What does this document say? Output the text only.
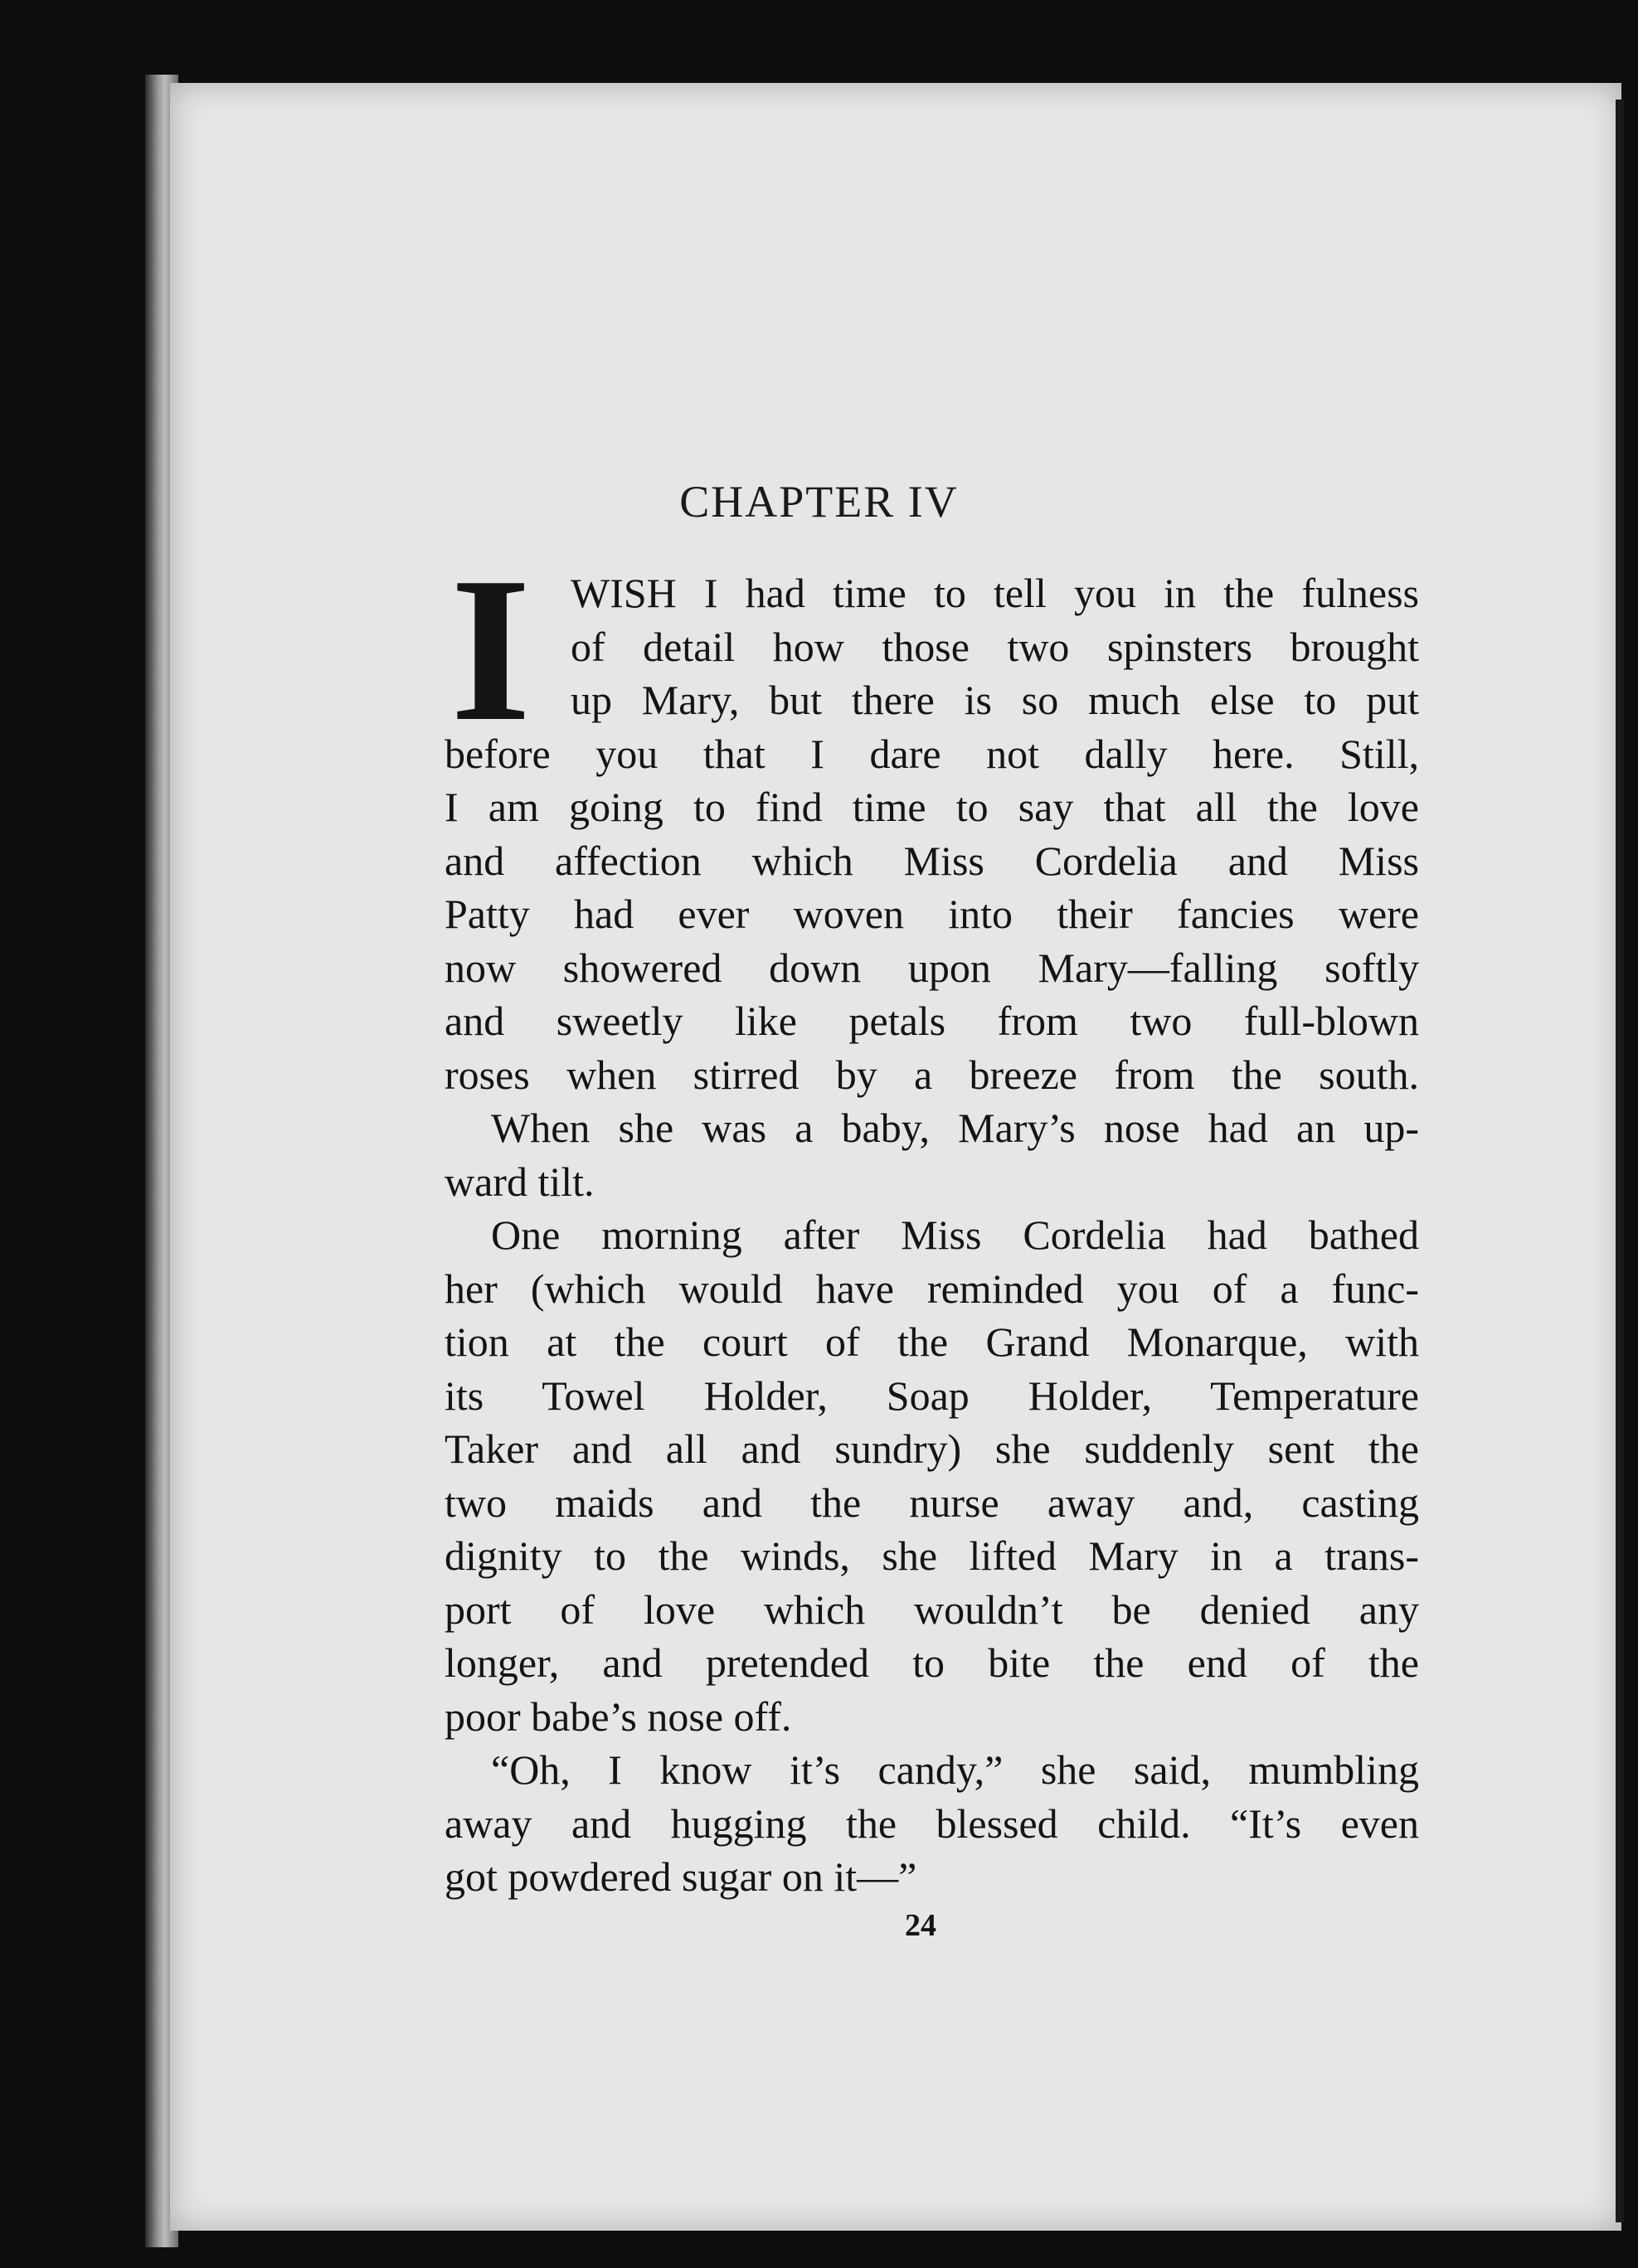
CHAPTER IV
I WISH I had time to tell you in the fulness
of detail how those two spinsters brought
up Mary, but there is so much else to put
before you that I dare not dally here. Still,
I am going to find time to say that all the love
and affection which Miss Cordelia and Miss
Patty had ever woven into their fancies were
now showered down upon Mary—falling softly
and sweetly like petals from two full-blown
roses when stirred by a breeze from the south.
When she was a baby, Mary’s nose had an up-
ward tilt.
One morning after Miss Cordelia had bathed
her (which would have reminded you of a func-
tion at the court of the Grand Monarque, with
its Towel Holder, Soap Holder, Temperature
Taker and all and sundry) she suddenly sent the
two maids and the nurse away and, casting
dignity to the winds, she lifted Mary in a trans-
port of love which wouldn’t be denied any
longer, and pretended to bite the end of the
poor babe’s nose off.
“Oh, I know it’s candy,” she said, mumbling
away and hugging the blessed child. “It’s even
got powdered sugar on it—”
24
